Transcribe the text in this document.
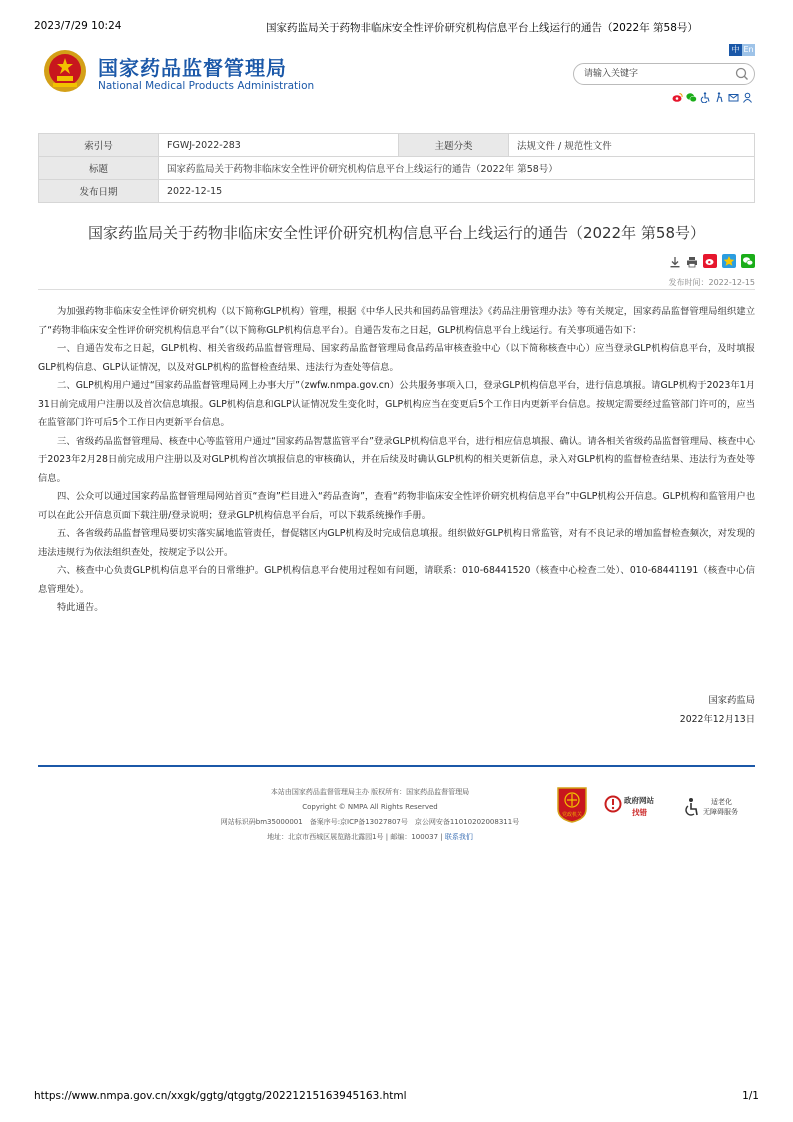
2023/7/29 10:24	国家药监局关于药物非临床安全性评价研究机构信息平台上线运行的通告（2022年 第58号）
国家药品监督管理局
National Medical Products Administration
中 En
请输入关键字
索引号	FGWJ-2022-283	主题分类	法规文件 / 规范性文件
标题	国家药监局关于药物非临床安全性评价研究机构信息平台上线运行的通告（2022年 第58号）		
发布日期	2022-12-15		
国家药监局关于药物非临床安全性评价研究机构信息平台上线运行的通告（2022年 第58号）
发布时间：2022-12-15

为加强药物非临床安全性评价研究机构（以下简称GLP机构）管理，根据《中华人民共和国药品管理法》《药品注册管理办法》等有关规定，国家药品监督管理局组织建立了“药物非临床安全性评价研究机构信息平台”（以下简称GLP机构信息平台）。自通告发布之日起，GLP机构信息平台上线运行。有关事项通告如下：

一、自通告发布之日起，GLP机构、相关省级药品监督管理局、国家药品监督管理局食品药品审核查验中心（以下简称核查中心）应当登录GLP机构信息平台，及时填报GLP机构信息、GLP认证情况，以及对GLP机构的监督检查结果、违法行为查处等信息。

二、GLP机构用户通过“国家药品监督管理局网上办事大厅”（zwfw.nmpa.gov.cn）公共服务事项入口，登录GLP机构信息平台，进行信息填报。请GLP机构于2023年1月31日前完成用户注册以及首次信息填报。GLP机构信息和GLP认证情况发生变化时，GLP机构应当在变更后5个工作日内更新平台信息。按规定需要经过监管部门许可的，应当在监管部门许可后5个工作日内更新平台信息。

三、省级药品监督管理局、核查中心等监管用户通过“国家药品智慧监管平台”登录GLP机构信息平台，进行相应信息填报、确认。请各相关省级药品监督管理局、核查中心于2023年2月28日前完成用户注册以及对GLP机构首次填报信息的审核确认，并在后续及时确认GLP机构的相关更新信息，录入对GLP机构的监督检查结果、违法行为查处等信息。

四、公众可以通过国家药品监督管理局网站首页“查询”栏目进入“药品查询”，查看“药物非临床安全性评价研究机构信息平台”中GLP机构公开信息。GLP机构和监管用户也可以在此公开信息页面下载注册/登录说明；登录GLP机构信息平台后，可以下载系统操作手册。

五、各省级药品监督管理局要切实落实属地监管责任，督促辖区内GLP机构及时完成信息填报。组织做好GLP机构日常监管，对有不良记录的增加监督检查频次，对发现的违法违规行为依法组织查处，按规定予以公开。

六、核查中心负责GLP机构信息平台的日常维护。GLP机构信息平台使用过程如有问题，请联系：010-68441520（核查中心检查二处）、010-68441191（核查中心信息管理处）。

特此通告。

国家药监局
2022年12月13日
本站由国家药品监督管理局主办 版权所有：国家药品监督管理局
Copyright © NMPA All Rights Reserved
网站标识码bm35000001　备案序号:京ICP备13027807号　京公网安备11010202008311号
地址：北京市西城区展览路北露园1号 | 邮编：100037 | 联系我们
党政机关
政府网站
找错
适老化
无障碍服务
https://www.nmpa.gov.cn/xxgk/ggtg/qtggtg/20221215163945163.html	1/1
